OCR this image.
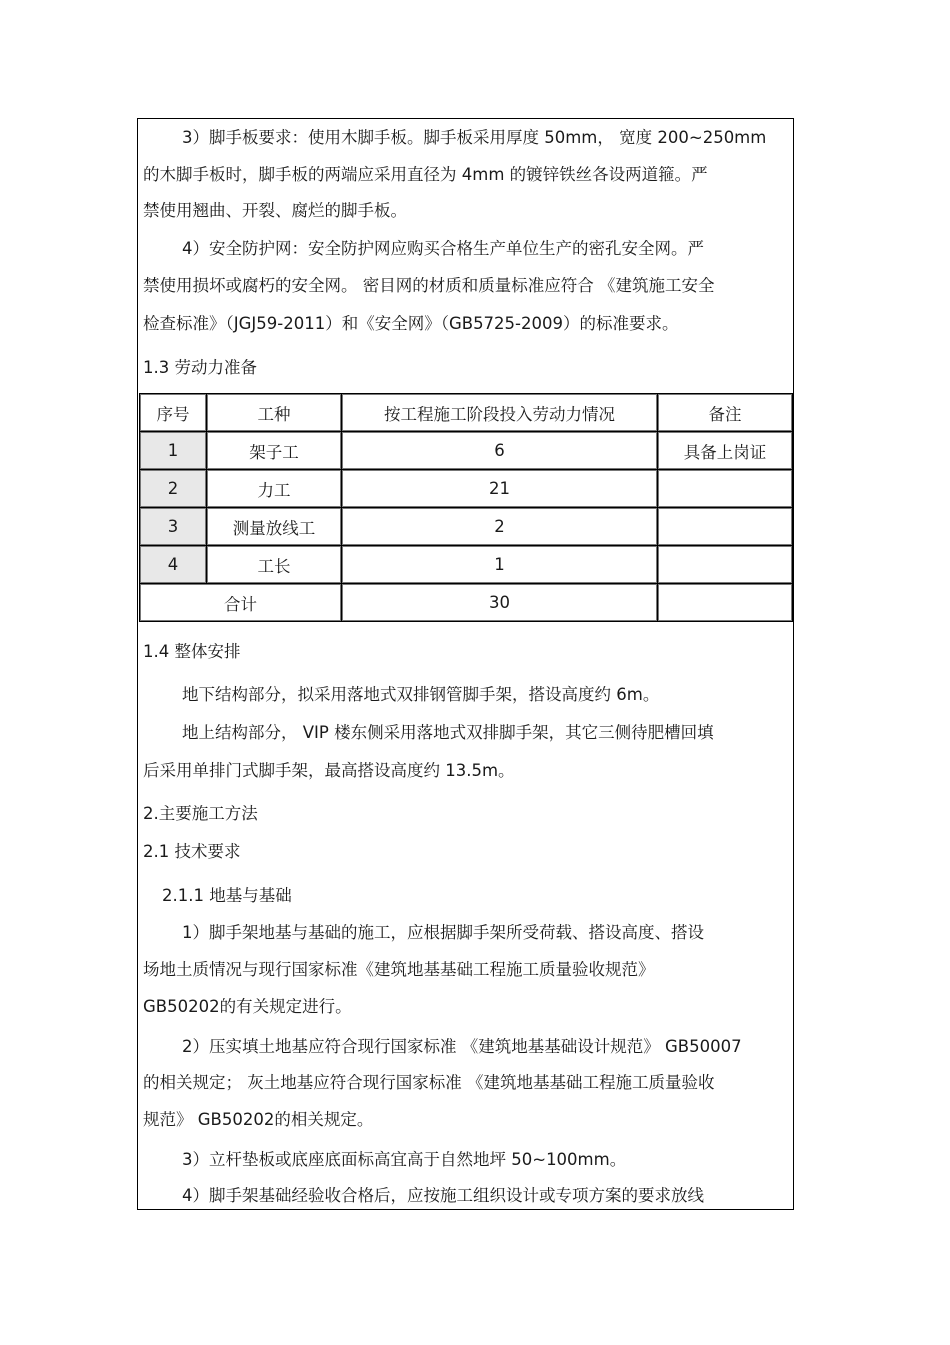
3）脚手板要求：使用木脚手板。脚手板采用厚度 50mm， 宽度 200~250mm
的木脚手板时，脚手板的两端应采用直径为 4mm 的镀锌铁丝各设两道箍。严
禁使用翘曲、开裂、腐烂的脚手板。
4）安全防护网：安全防护网应购买合格生产单位生产的密孔安全网。严
禁使用损坏或腐朽的安全网。 密目网的材质和质量标准应符合 《建筑施工安全
检查标准》（JGJ59-2011）和《安全网》（GB5725-2009）的标准要求。
1.3 劳动力准备
序号	工种	按工程施工阶段投入劳动力情况	备注
1	架子工	6	具备上岗证
2	力工	21	
3	测量放线工	2	
4	工长	1	
合计		30	
1.4 整体安排
地下结构部分，拟采用落地式双排钢管脚手架，搭设高度约 6m。
地上结构部分， VIP 楼东侧采用落地式双排脚手架，其它三侧待肥槽回填
后采用单排门式脚手架，最高搭设高度约 13.5m。
2.主要施工方法
2.1 技术要求
2.1.1 地基与基础
1）脚手架地基与基础的施工，应根据脚手架所受荷载、搭设高度、搭设
场地土质情况与现行国家标准《建筑地基基础工程施工质量验收规范》
GB50202的有关规定进行。
2）压实填土地基应符合现行国家标准 《建筑地基基础设计规范》 GB50007
的相关规定； 灰土地基应符合现行国家标准 《建筑地基基础工程施工质量验收
规范》 GB50202的相关规定。
3）立杆垫板或底座底面标高宜高于自然地坪 50~100mm。
4）脚手架基础经验收合格后，应按施工组织设计或专项方案的要求放线
